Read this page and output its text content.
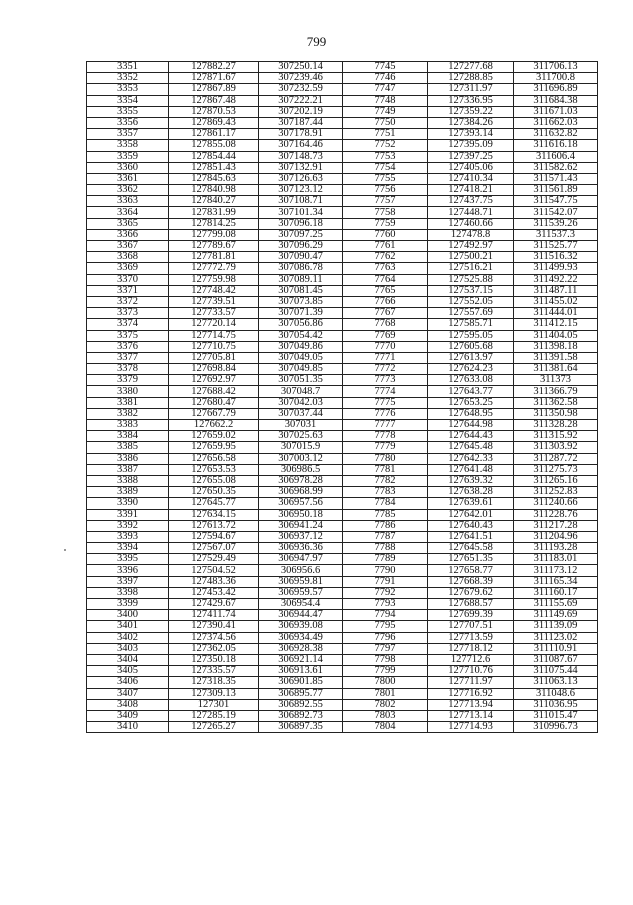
799
3351	127882.27	307250.14	7745	127277.68	311706.13
3352	127871.67	307239.46	7746	127288.85	311700.8
3353	127867.89	307232.59	7747	127311.97	311696.89
3354	127867.48	307222.21	7748	127336.95	311684.38
3355	127870.53	307202.19	7749	127359.22	311671.03
3356	127869.43	307187.44	7750	127384.26	311662.03
3357	127861.17	307178.91	7751	127393.14	311632.82
3358	127855.08	307164.46	7752	127395.09	311616.18
3359	127854.44	307148.73	7753	127397.25	311606.4
3360	127851.43	307132.91	7754	127405.06	311582.62
3361	127845.63	307126.63	7755	127410.34	311571.43
3362	127840.98	307123.12	7756	127418.21	311561.89
3363	127840.27	307108.71	7757	127437.75	311547.75
3364	127831.99	307101.34	7758	127448.71	311542.07
3365	127814.25	307096.18	7759	127460.66	311539.26
3366	127799.08	307097.25	7760	127478.8	311537.3
3367	127789.67	307096.29	7761	127492.97	311525.77
3368	127781.81	307090.47	7762	127500.21	311516.32
3369	127772.79	307086.78	7763	127516.21	311499.93
3370	127759.98	307089.11	7764	127525.88	311492.22
3371	127748.42	307081.45	7765	127537.15	311487.11
3372	127739.51	307073.85	7766	127552.05	311455.02
3373	127733.57	307071.39	7767	127557.69	311444.01
3374	127720.14	307056.86	7768	127585.71	311412.15
3375	127714.75	307054.42	7769	127595.05	311404.05
3376	127710.75	307049.86	7770	127605.68	311398.18
3377	127705.81	307049.05	7771	127613.97	311391.58
3378	127698.84	307049.85	7772	127624.23	311381.64
3379	127692.97	307051.35	7773	127633.08	311373
3380	127688.42	307048.7	7774	127643.77	311366.79
3381	127680.47	307042.03	7775	127653.25	311362.58
3382	127667.79	307037.44	7776	127648.95	311350.98
3383	127662.2	307031	7777	127644.98	311328.28
3384	127659.02	307025.63	7778	127644.43	311315.92
3385	127659.95	307015.9	7779	127645.48	311303.92
3386	127656.58	307003.12	7780	127642.33	311287.72
3387	127653.53	306986.5	7781	127641.48	311275.73
3388	127655.08	306978.28	7782	127639.32	311265.16
3389	127650.35	306968.99	7783	127638.28	311252.83
3390	127645.77	306957.56	7784	127639.61	311240.66
3391	127634.15	306950.18	7785	127642.01	311228.76
3392	127613.72	306941.24	7786	127640.43	311217.28
3393	127594.67	306937.12	7787	127641.51	311204.96
3394	127567.07	306936.36	7788	127645.58	311193.28
3395	127529.49	306947.97	7789	127651.35	311183.01
3396	127504.52	306956.6	7790	127658.77	311173.12
3397	127483.36	306959.81	7791	127668.39	311165.34
3398	127453.42	306959.57	7792	127679.62	311160.17
3399	127429.67	306954.4	7793	127688.57	311155.69
3400	127411.74	306944.47	7794	127699.39	311149.69
3401	127390.41	306939.08	7795	127707.51	311139.09
3402	127374.56	306934.49	7796	127713.59	311123.02
3403	127362.05	306928.38	7797	127718.12	311110.91
3404	127350.18	306921.14	7798	127712.6	311087.67
3405	127335.57	306913.61	7799	127710.76	311075.44
3406	127318.35	306901.85	7800	127711.97	311063.13
3407	127309.13	306895.77	7801	127716.92	311048.6
3408	127301	306892.55	7802	127713.94	311036.95
3409	127285.19	306892.73	7803	127713.14	311015.47
3410	127265.27	306897.35	7804	127714.93	310996.73
